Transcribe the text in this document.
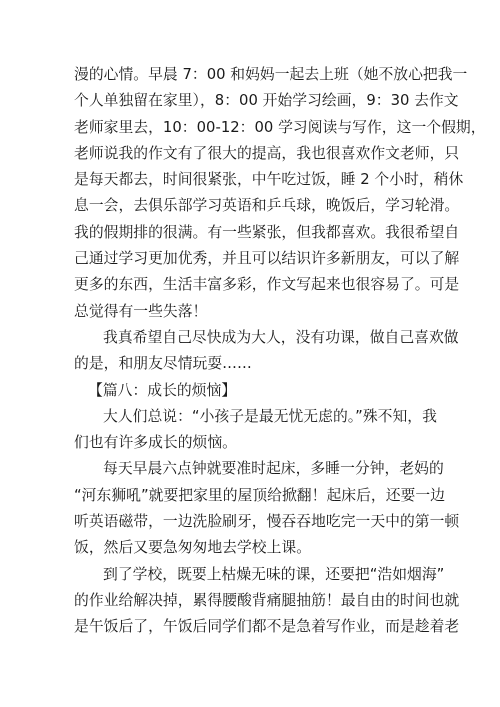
漫的心情。早晨 7：00 和妈妈一起去上班（她不放心把我一
个人单独留在家里），8：00 开始学习绘画，9：30 去作文
老师家里去，10：00-12：00 学习阅读与写作，这一个假期，
老师说我的作文有了很大的提高，我也很喜欢作文老师，只
是每天都去，时间很紧张，中午吃过饭，睡 2 个小时，稍休
息一会，去俱乐部学习英语和乒乓球，晚饭后，学习轮滑。
我的假期排的很满。有一些紧张，但我都喜欢。我很希望自
己通过学习更加优秀，并且可以结识许多新朋友，可以了解
更多的东西，生活丰富多彩，作文写起来也很容易了。可是
总觉得有一些失落！
我真希望自己尽快成为大人，没有功课，做自己喜欢做
的是，和朋友尽情玩耍……
【篇八：成长的烦恼】
大人们总说：“小孩子是最无忧无虑的。”殊不知，我
们也有许多成长的烦恼。
每天早晨六点钟就要准时起床，多睡一分钟，老妈的
“河东狮吼”就要把家里的屋顶给掀翻！起床后，还要一边
听英语磁带，一边洗脸刷牙，慢吞吞地吃完一天中的第一顿
饭，然后又要急匆匆地去学校上课。
到了学校，既要上枯燥无味的课，还要把“浩如烟海”
的作业给解决掉，累得腰酸背痛腿抽筋！最自由的时间也就
是午饭后了，午饭后同学们都不是急着写作业，而是趁着老
